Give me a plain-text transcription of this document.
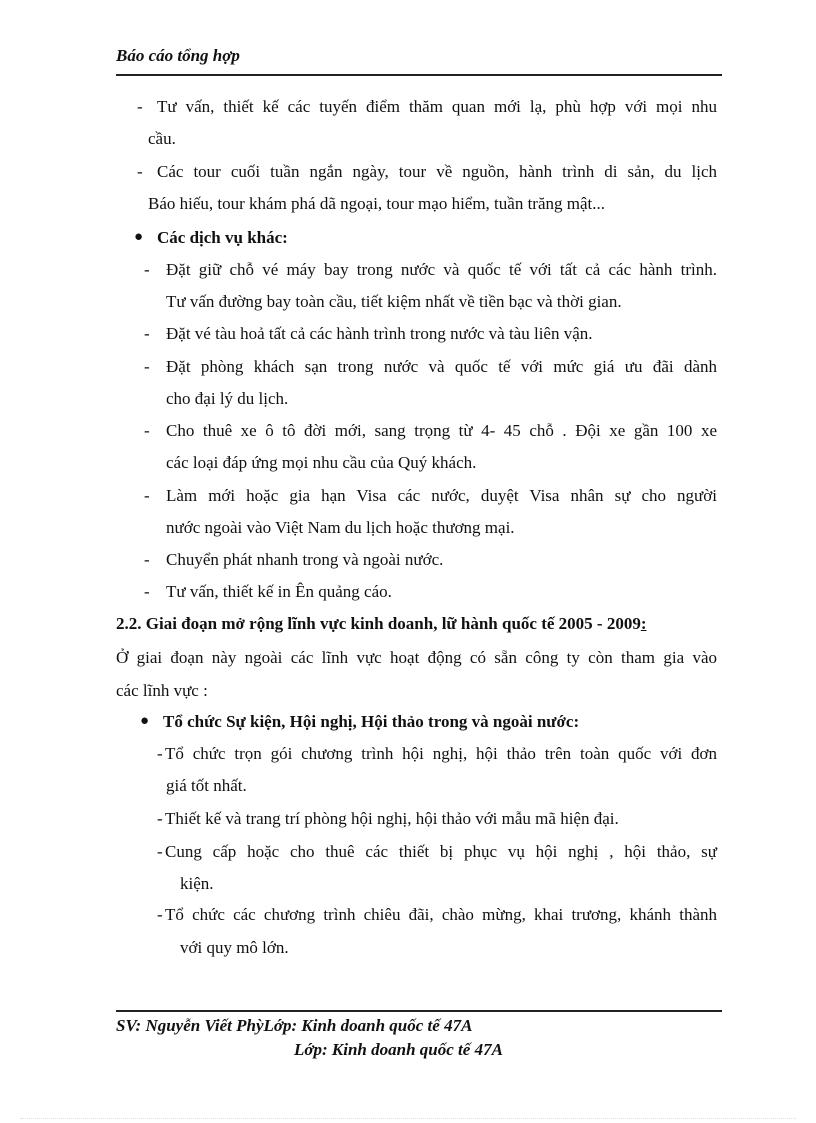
Báo cáo tổng hợp
- Tư vấn, thiết kế các tuyến điểm thăm quan mới lạ, phù hợp với mọi nhu
cầu.
- Các tour cuối tuần ngắn ngày, tour về nguồn, hành trình di sản, du lịch
Báo hiếu, tour khám phá dã ngoại, tour mạo hiểm, tuần trăng mật...
● Các dịch vụ khác:
- Đặt giữ chỗ vé máy bay trong nước và quốc tế với tất cả các hành trình.
Tư vấn đường bay toàn cầu, tiết kiệm nhất về tiền bạc và thời gian.
- Đặt vé tàu hoả tất cả các hành trình trong nước và tàu liên vận.
- Đặt phòng khách sạn trong nước và quốc tế với mức giá ưu đãi dành
cho đại lý du lịch.
- Cho thuê xe ô tô đời mới, sang trọng từ 4- 45 chỗ . Đội xe gần 100 xe
các loại đáp ứng mọi nhu cầu của Quý khách.
- Làm mới hoặc gia hạn Visa các nước, duyệt Visa nhân sự cho người
nước ngoài vào Việt Nam du lịch hoặc thương mại.
- Chuyển phát nhanh trong và ngoài nước.
- Tư vấn, thiết kế in Ên quảng cáo.
2.2. Giai đoạn mở rộng lĩnh vực kinh doanh, lữ hành quốc tế 2005 - 2009:
Ở giai đoạn này ngoài các lĩnh vực hoạt động có sẵn công ty còn tham gia vào
các lĩnh vực :
● Tổ chức Sự kiện, Hội nghị, Hội thảo trong và ngoài nước:
- Tổ chức trọn gói chương trình hội nghị, hội thảo trên toàn quốc với đơn
giá tốt nhất.
- Thiết kế và trang trí phòng hội nghị, hội thảo với mẫu mã hiện đại.
- Cung cấp hoặc cho thuê các thiết bị phục vụ hội nghị , hội thảo, sự
kiện.
- Tổ chức các chương trình chiêu đãi, chào mừng, khai trương, khánh thành
với quy mô lớn.
SV: Nguyễn Viết PhỳLớp: Kinh doanh quốc tế 47A
Lớp: Kinh doanh quốc tế 47A
